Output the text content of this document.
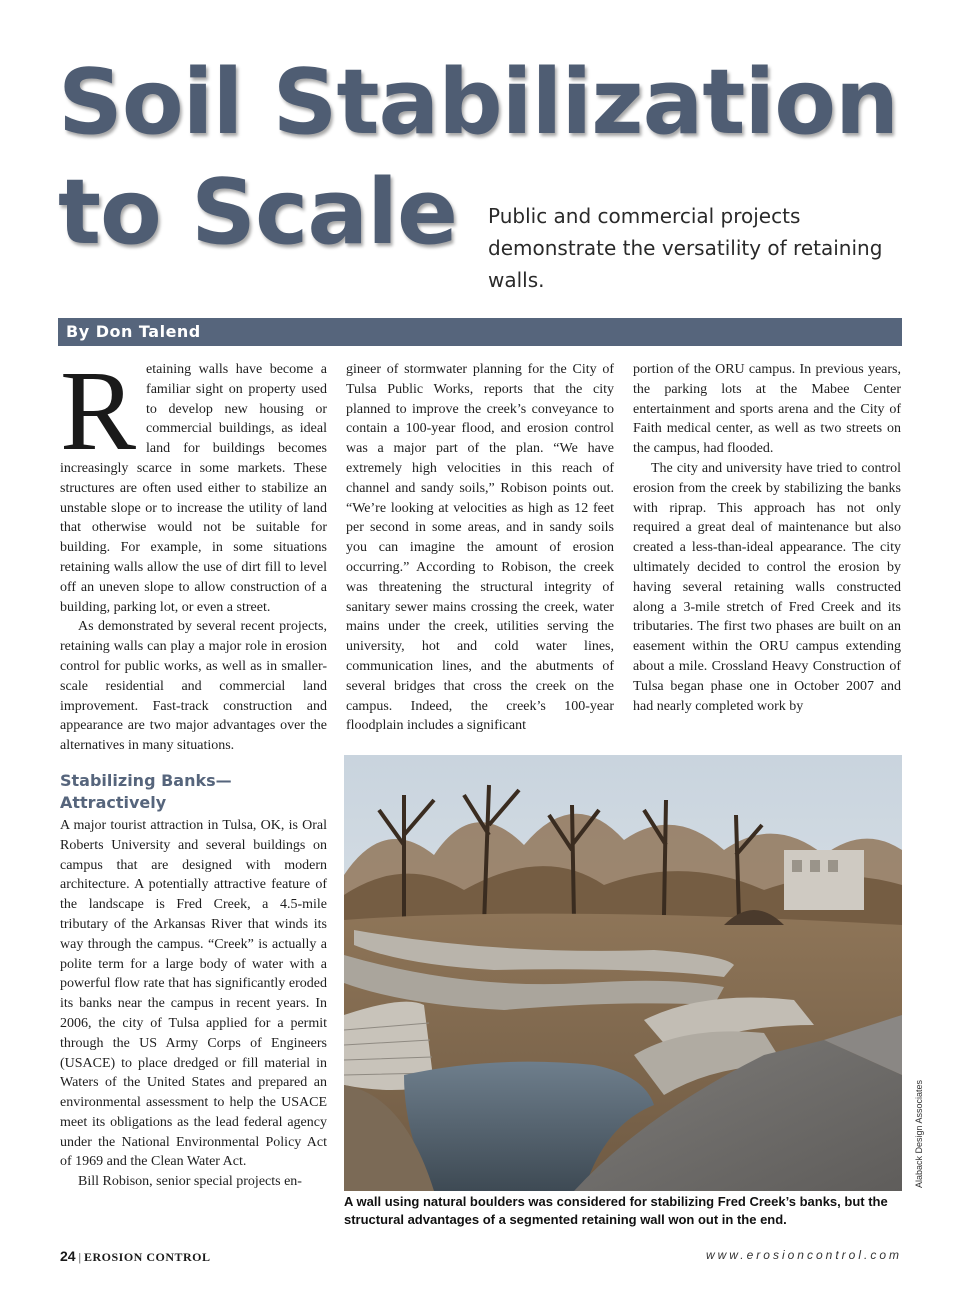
Soil Stabilization
to Scale Public and commercial projects demonstrate the versatility of retaining walls.

By Don Talend
R etaining walls have become a familiar sight on property used to develop new housing or commercial buildings, as ideal land for buildings becomes increasingly scarce in some markets. These structures are often used either to stabilize an unstable slope or to increase the utility of land that otherwise would not be suitable for building. For example, in some situations retaining walls allow the use of dirt fill to level off an uneven slope to allow construction of a building, parking lot, or even a street.

As demonstrated by several recent projects, retaining walls can play a major role in erosion control for public works, as well as in smaller-scale residential and commercial land improvement. Fast-track construction and appearance are two major advantages over the alternatives in many situations.

Stabilizing Banks—Attractively

A major tourist attraction in Tulsa, OK, is Oral Roberts University and several buildings on campus that are designed with modern architecture. A potentially attractive feature of the landscape is Fred Creek, a 4.5-mile tributary of the Arkansas River that winds its way through the campus. “Creek” is actually a polite term for a large body of water with a powerful flow rate that has significantly eroded its banks near the campus in recent years. In 2006, the city of Tulsa applied for a permit through the US Army Corps of Engineers (USACE) to place dredged or fill material in Waters of the United States and prepared an environmental assessment to help the USACE meet its obligations as the lead federal agency under the National Environmental Policy Act of 1969 and the Clean Water Act.

Bill Robison, senior special projects en-

gineer of stormwater planning for the City of Tulsa Public Works, reports that the city planned to improve the creek’s conveyance to contain a 100-year flood, and erosion control was a major part of the plan. “We have extremely high velocities in this reach of channel and sandy soils,” Robison points out. “We’re looking at velocities as high as 12 feet per second in some areas, and in sandy soils you can imagine the amount of erosion occurring.” According to Robison, the creek was threatening the structural integrity of sanitary sewer mains crossing the creek, water mains under the creek, utilities serving the university, hot and cold water lines, communication lines, and the abutments of several bridges that cross the creek on the campus. Indeed, the creek’s 100-year floodplain includes a significant

portion of the ORU campus. In previous years, the parking lots at the Mabee Center entertainment and sports arena and the City of Faith medical center, as well as two streets on the campus, had flooded.

The city and university have tried to control erosion from the creek by stabilizing the banks with riprap. This approach has not only required a great deal of maintenance but also created a less-than-ideal appearance. The city ultimately decided to control the erosion by having several retaining walls constructed along a 3-mile stretch of Fred Creek and its tributaries. The first two phases are built on an easement within the ORU campus extending about a mile. Crossland Heavy Construction of Tulsa began phase one in October 2007 and had nearly completed work by

Alaback Design Associates

A wall using natural boulders was considered for stabilizing Fred Creek’s banks, but the structural advantages of a segmented retaining wall won out in the end.

24 | EROSION CONTROL	www.erosioncontrol.com
